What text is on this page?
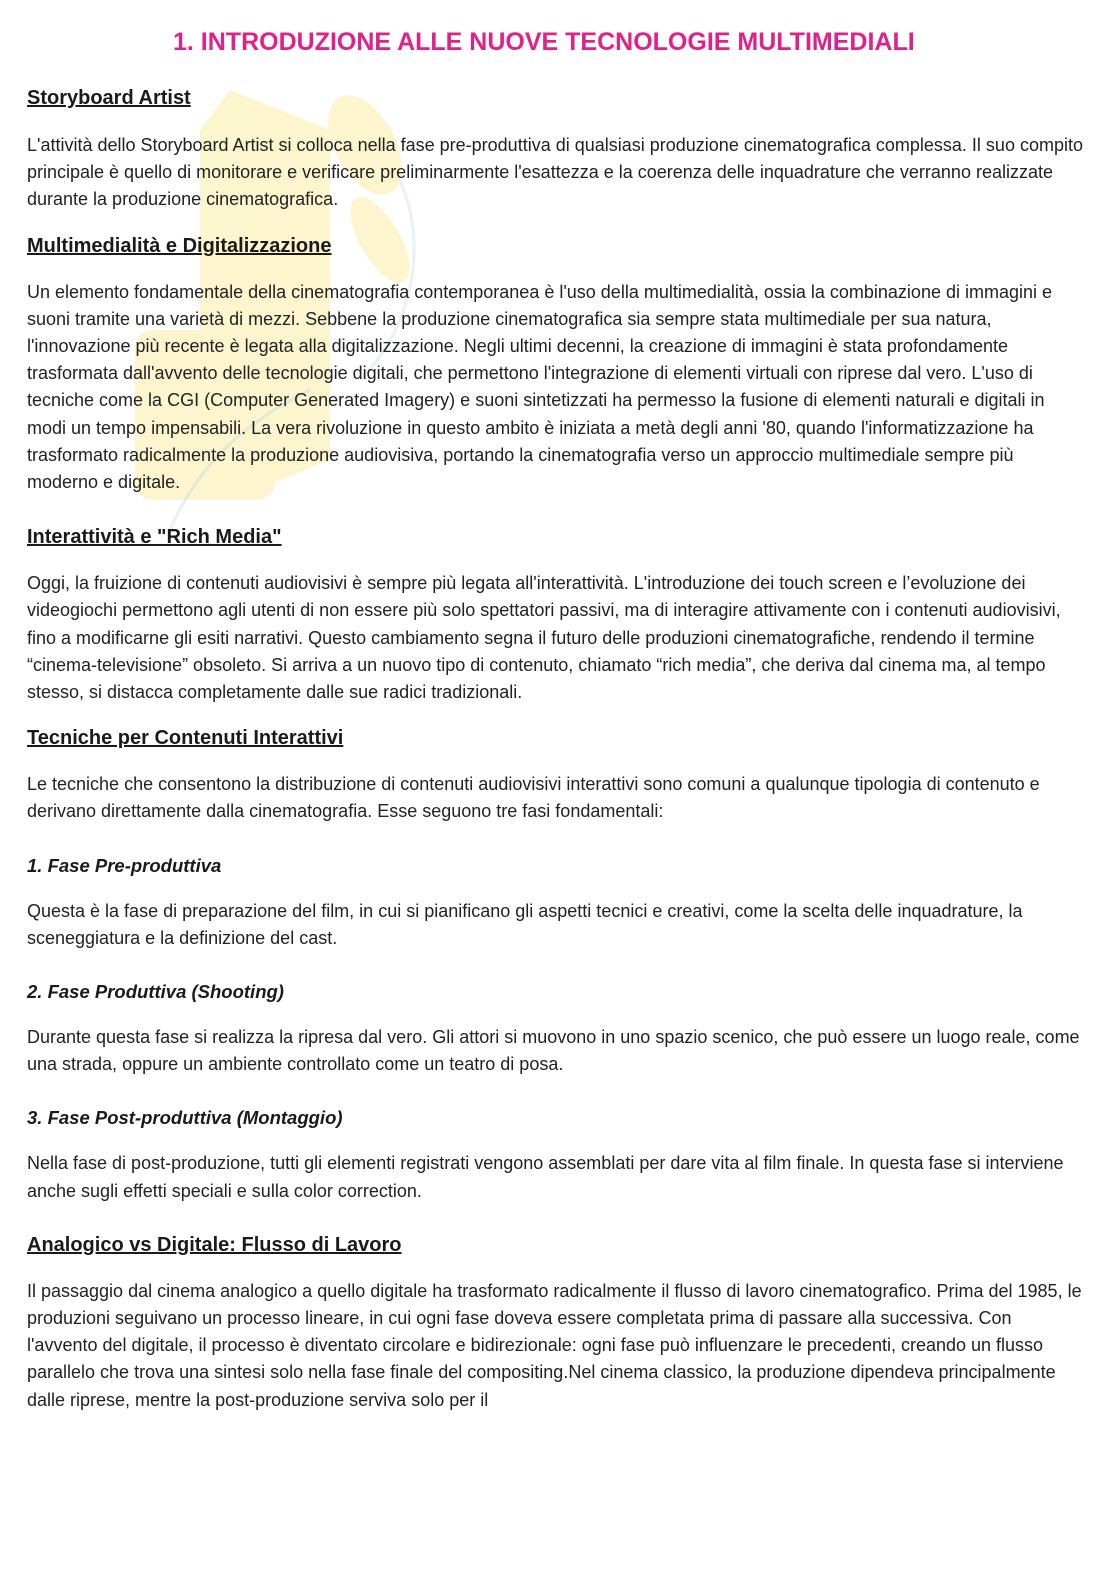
1. INTRODUZIONE ALLE NUOVE TECNOLOGIE MULTIMEDIALI
Storyboard Artist

L'attività dello Storyboard Artist si colloca nella fase pre-produttiva di qualsiasi produzione cinematografica complessa. Il suo compito principale è quello di monitorare e verificare preliminarmente l'esattezza e la coerenza delle inquadrature che verranno realizzate durante la produzione cinematografica.

Multimedialità e Digitalizzazione

Un elemento fondamentale della cinematografia contemporanea è l'uso della multimedialità, ossia la combinazione di immagini e suoni tramite una varietà di mezzi. Sebbene la produzione cinematografica sia sempre stata multimediale per sua natura, l'innovazione più recente è legata alla digitalizzazione. Negli ultimi decenni, la creazione di immagini è stata profondamente trasformata dall'avvento delle tecnologie digitali, che permettono l'integrazione di elementi virtuali con riprese dal vero. L'uso di tecniche come la CGI (Computer Generated Imagery) e suoni sintetizzati ha permesso la fusione di elementi naturali e digitali in modi un tempo impensabili. La vera rivoluzione in questo ambito è iniziata a metà degli anni '80, quando l'informatizzazione ha trasformato radicalmente la produzione audiovisiva, portando la cinematografia verso un approccio multimediale sempre più moderno e digitale.

Interattività e "Rich Media"

Oggi, la fruizione di contenuti audiovisivi è sempre più legata all'interattività. L'introduzione dei touch screen e l’evoluzione dei videogiochi permettono agli utenti di non essere più solo spettatori passivi, ma di interagire attivamente con i contenuti audiovisivi, fino a modificarne gli esiti narrativi. Questo cambiamento segna il futuro delle produzioni cinematografiche, rendendo il termine “cinema-televisione” obsoleto. Si arriva a un nuovo tipo di contenuto, chiamato “rich media”, che deriva dal cinema ma, al tempo stesso, si distacca completamente dalle sue radici tradizionali.

Tecniche per Contenuti Interattivi

Le tecniche che consentono la distribuzione di contenuti audiovisivi interattivi sono comuni a qualunque tipologia di contenuto e derivano direttamente dalla cinematografia. Esse seguono tre fasi fondamentali:

1. Fase Pre-produttiva

Questa è la fase di preparazione del film, in cui si pianificano gli aspetti tecnici e creativi, come la scelta delle inquadrature, la sceneggiatura e la definizione del cast.

2. Fase Produttiva (Shooting)

Durante questa fase si realizza la ripresa dal vero. Gli attori si muovono in uno spazio scenico, che può essere un luogo reale, come una strada, oppure un ambiente controllato come un teatro di posa.

3. Fase Post-produttiva (Montaggio)

Nella fase di post-produzione, tutti gli elementi registrati vengono assemblati per dare vita al film finale. In questa fase si interviene anche sugli effetti speciali e sulla color correction.

Analogico vs Digitale: Flusso di Lavoro

Il passaggio dal cinema analogico a quello digitale ha trasformato radicalmente il flusso di lavoro cinematografico. Prima del 1985, le produzioni seguivano un processo lineare, in cui ogni fase doveva essere completata prima di passare alla successiva. Con l'avvento del digitale, il processo è diventato circolare e bidirezionale: ogni fase può influenzare le precedenti, creando un flusso parallelo che trova una sintesi solo nella fase finale del compositing.Nel cinema classico, la produzione dipendeva principalmente dalle riprese, mentre la post-produzione serviva solo per il
